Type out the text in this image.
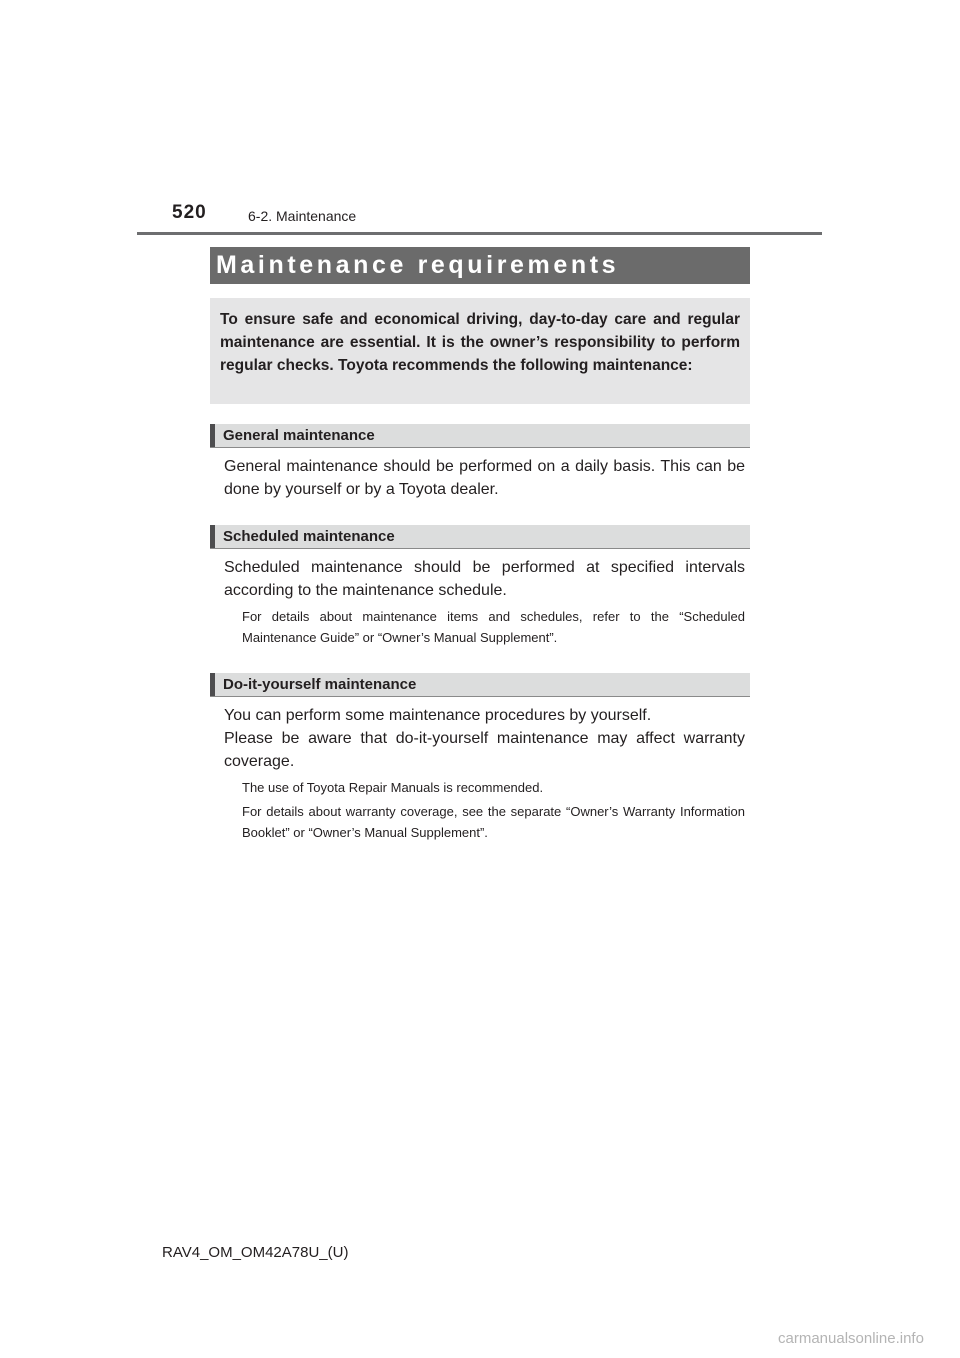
520	6-2. Maintenance
Maintenance requirements
To ensure safe and economical driving, day-to-day care and regular maintenance are essential. It is the owner’s responsibility to perform regular checks. Toyota recommends the following maintenance:
General maintenance
General maintenance should be performed on a daily basis. This can be done by yourself or by a Toyota dealer.
Scheduled maintenance
Scheduled maintenance should be performed at specified intervals according to the maintenance schedule.
For details about maintenance items and schedules, refer to the “Scheduled Maintenance Guide” or “Owner’s Manual Supplement”.
Do-it-yourself maintenance
You can perform some maintenance procedures by yourself.
Please be aware that do-it-yourself maintenance may affect warranty coverage.
The use of Toyota Repair Manuals is recommended.
For details about warranty coverage, see the separate “Owner’s Warranty Information Booklet” or “Owner’s Manual Supplement”.
RAV4_OM_OM42A78U_(U)
carmanualsonline.info
